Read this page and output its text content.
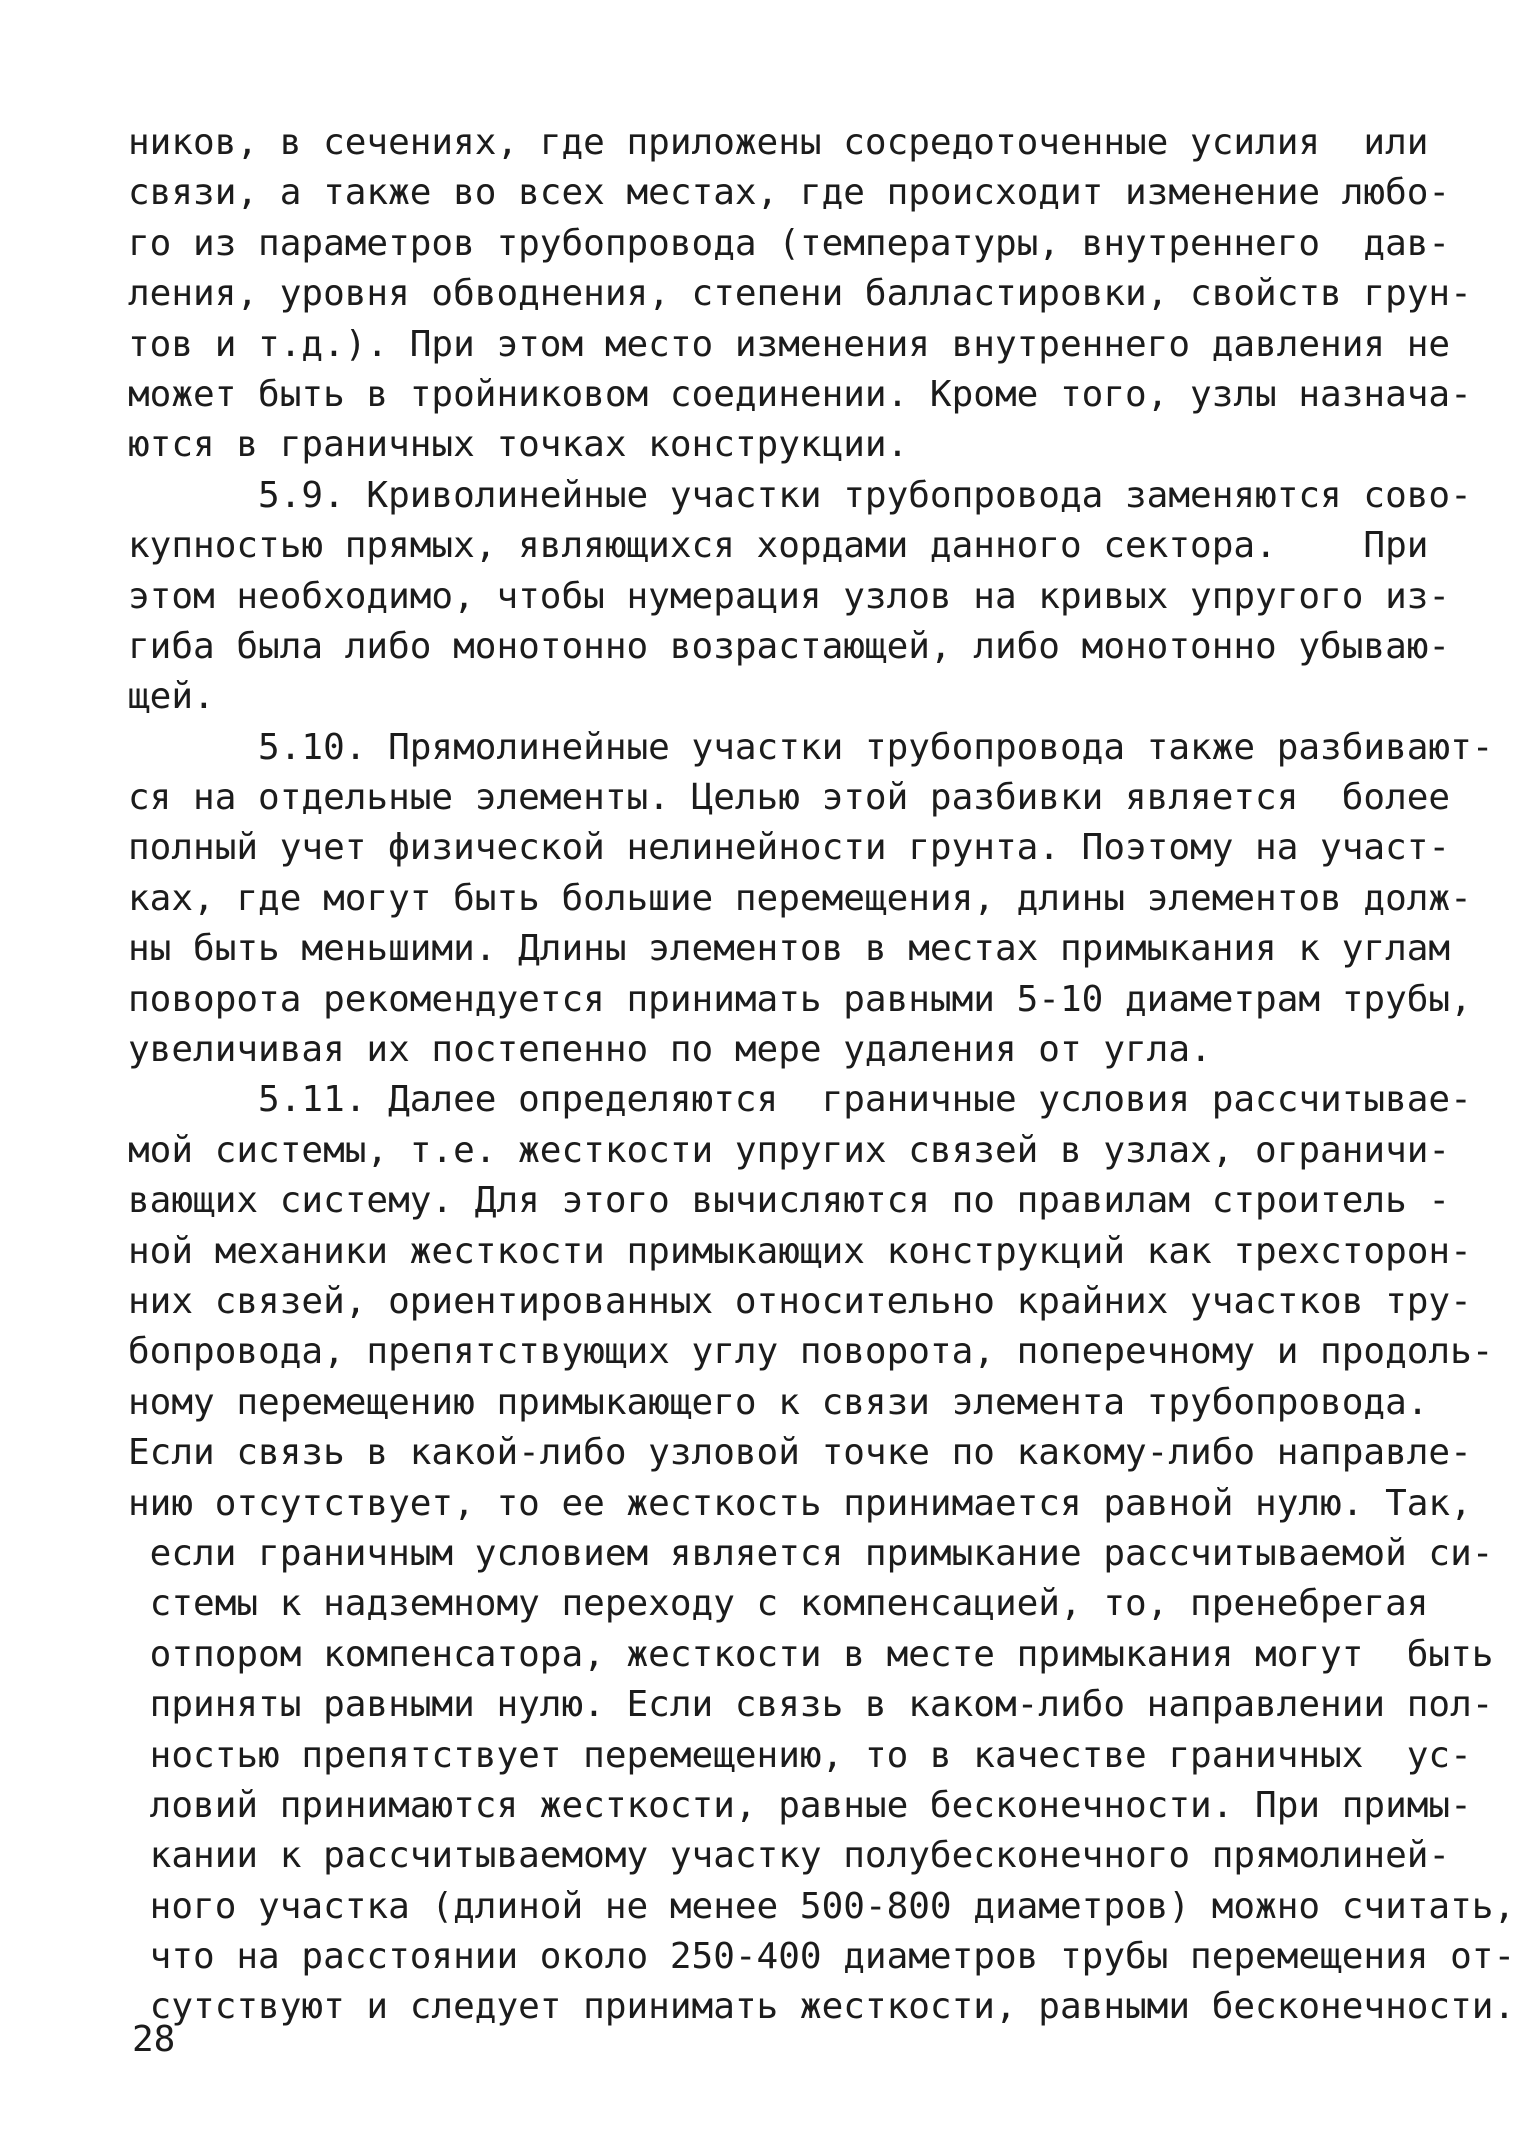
ников, в сечениях, где приложены сосредоточенные усилия  или
связи, а также во всех местах, где происходит изменение любо-
го из параметров трубопровода (температуры, внутреннего  дав-
ления, уровня обводнения, степени балластировки, свойств грун-
тов и т.д.). При этом место изменения внутреннего давления не
может быть в тройниковом соединении. Кроме того, узлы назнача-
ются в граничных точках конструкции.
5.9. Криволинейные участки трубопровода заменяются сово-
купностью прямых, являющихся хордами данного сектора.    При
этом необходимо, чтобы нумерация узлов на кривых упругого из-
гиба была либо монотонно возрастающей, либо монотонно убываю-
щей.
5.10. Прямолинейные участки трубопровода также разбивают-
ся на отдельные элементы. Целью этой разбивки является  более
полный учет физической нелинейности грунта. Поэтому на участ-
ках, где могут быть большие перемещения, длины элементов долж-
ны быть меньшими. Длины элементов в местах примыкания к углам
поворота рекомендуется принимать равными 5-10 диаметрам трубы,
увеличивая их постепенно по мере удаления от угла.
5.11. Далее определяются  граничные условия рассчитывае-
мой системы, т.е. жесткости упругих связей в узлах, ограничи-
вающих систему. Для этого вычисляются по правилам строитель -
ной механики жесткости примыкающих конструкций как трехсторон-
них связей, ориентированных относительно крайних участков тру-
бопровода, препятствующих углу поворота, поперечному и продоль-
ному перемещению примыкающего к связи элемента трубопровода.
Если связь в какой-либо узловой точке по какому-либо направле-
нию отсутствует, то ее жесткость принимается равной нулю. Так,
если граничным условием является примыкание рассчитываемой си-
стемы к надземному переходу с компенсацией, то, пренебрегая
отпором компенсатора, жесткости в месте примыкания могут  быть
приняты равными нулю. Если связь в каком-либо направлении пол-
ностью препятствует перемещению, то в качестве граничных  ус-
ловий принимаются жесткости, равные бесконечности. При примы-
кании к рассчитываемому участку полубесконечного прямолиней-
ного участка (длиной не менее 500-800 диаметров) можно считать,
что на расстоянии около 250-400 диаметров трубы перемещения от-
сутствуют и следует принимать жесткости, равными бесконечности.
28
